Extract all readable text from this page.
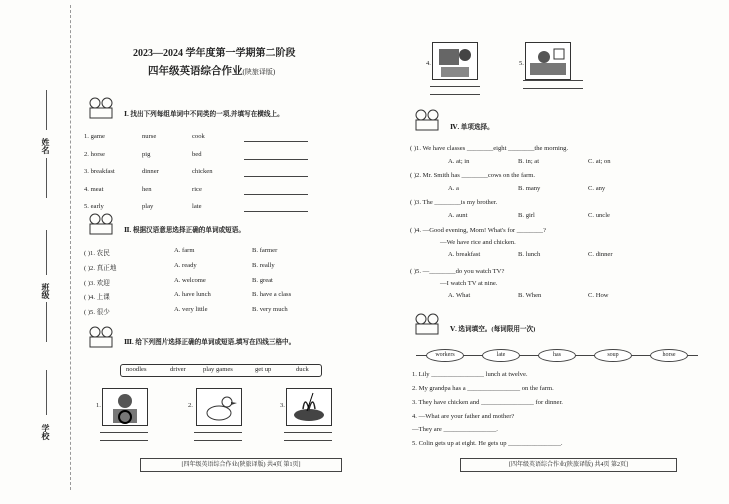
姓名
班级
学校
2023—2024 学年度第一学期第二阶段
四年级英语综合作业(陕旅译版)
Ⅰ. 找出下列每组单词中不同类的一项,并填写在横线上。
1. game	nurse	cook
2. horse	pig	bed
3. breakfast	dinner	chicken
4. meat	hen	rice
5. early	play	late
Ⅱ. 根据汉语意思选择正确的单词或短语。
( )1. 农民	A. farm	B. farmer
( )2. 真正地	A. ready	B. really
( )3. 欢迎	A. welcome	B. great
( )4. 上课	A. have lunch	B. have a class
( )5. 很少	A. very little	B. very much
Ⅲ. 给下列图片选择正确的单词或短语,填写在四线三格中。
noodles	driver	play games	get up	duck
1.	2.	3.
[四年级英语综合作业(陕旅译版) 共4页 第1页]
4.	5.
Ⅳ. 单项选择。
( )1. We have classes ________eight ________the morning.
A. at; in	B. in; at	C. at; on
( )2. Mr. Smith has ________cows on the farm.
A. a	B. many	C. any
( )3. The ________is my brother.
A. aunt	B. girl	C. uncle
( )4. —Good evening, Mom! What's for ________?
—We have rice and chicken.
A. breakfast	B. lunch	C. dinner
( )5. —________do you watch TV?
—I watch TV at nine.
A. What	B. When	C. How
Ⅴ. 选词填空。(每词限用一次)
workers	late	has	soup	horse
1. Lily ________________ lunch at twelve.
2. My grandpa has a ________________ on the farm.
3. They have chicken and ________________ for dinner.
4. —What are your father and mother?
—They are ________________.
5. Colin gets up at eight. He gets up ________________.
[四年级英语综合作业(陕旅译版) 共4页 第2页]
